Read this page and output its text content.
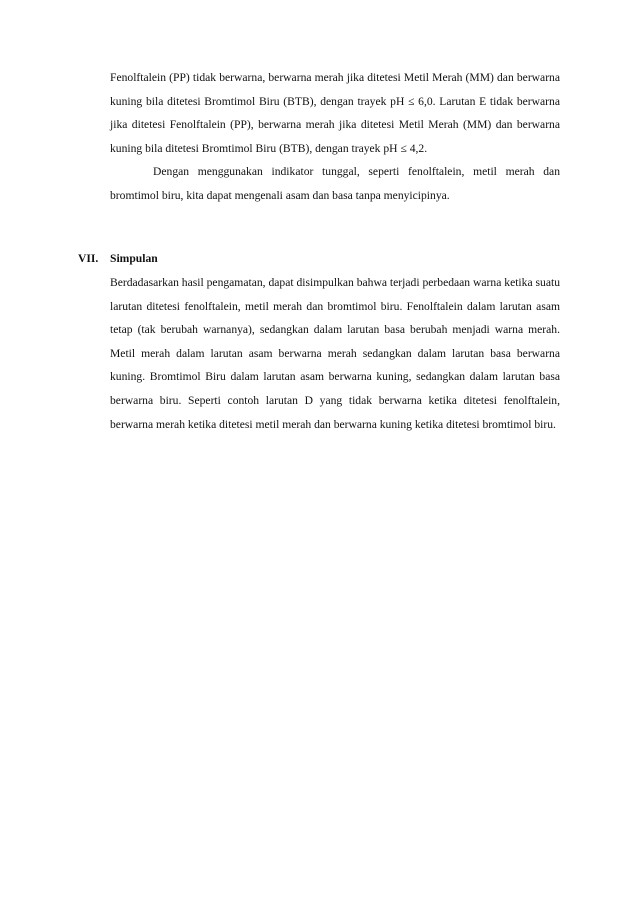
Fenolftalein (PP) tidak berwarna, berwarna merah jika ditetesi Metil Merah (MM) dan berwarna kuning bila ditetesi Bromtimol Biru (BTB), dengan trayek pH ≤ 6,0. Larutan E tidak berwarna jika ditetesi Fenolftalein (PP), berwarna merah jika ditetesi Metil Merah (MM) dan berwarna kuning bila ditetesi Bromtimol Biru (BTB), dengan trayek pH ≤ 4,2.

Dengan menggunakan indikator tunggal, seperti fenolftalein, metil merah dan bromtimol biru, kita dapat mengenali asam dan basa tanpa menyicipinya.

VII. Simpulan

Berdadasarkan hasil pengamatan, dapat disimpulkan bahwa terjadi perbedaan warna ketika suatu larutan ditetesi fenolftalein, metil merah dan bromtimol biru. Fenolftalein dalam larutan asam tetap (tak berubah warnanya), sedangkan dalam larutan basa berubah menjadi warna merah. Metil merah dalam larutan asam berwarna merah sedangkan dalam larutan basa berwarna kuning. Bromtimol Biru dalam larutan asam berwarna kuning, sedangkan dalam larutan basa berwarna biru. Seperti contoh larutan D yang tidak berwarna ketika ditetesi fenolftalein, berwarna merah ketika ditetesi metil merah dan berwarna kuning ketika ditetesi bromtimol biru.
